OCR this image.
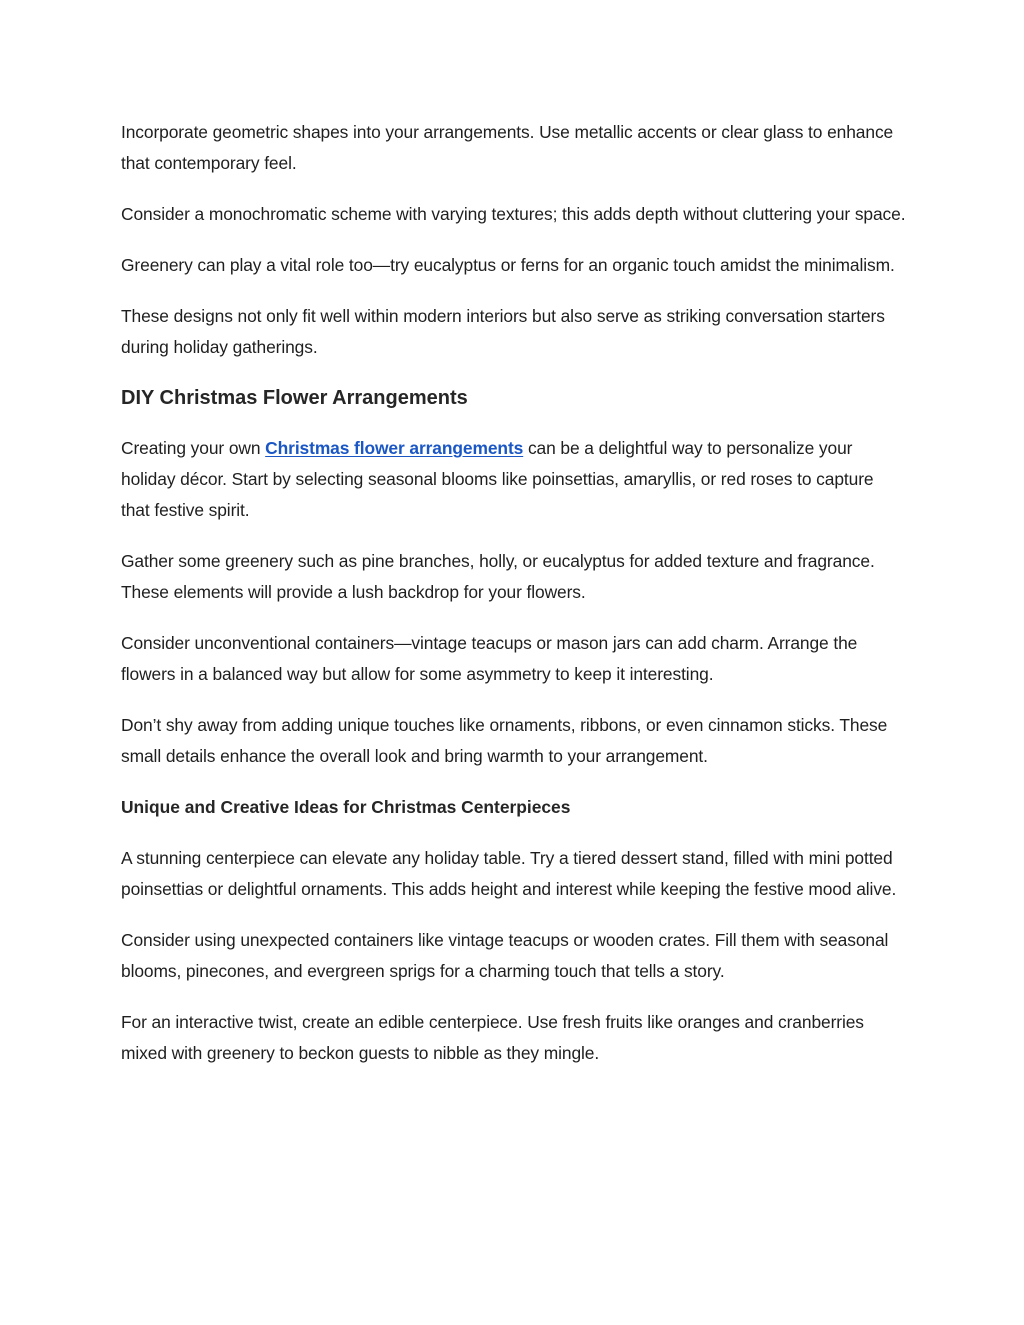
Incorporate geometric shapes into your arrangements. Use metallic accents or clear glass to enhance that contemporary feel.

Consider a monochromatic scheme with varying textures; this adds depth without cluttering your space.

Greenery can play a vital role too—try eucalyptus or ferns for an organic touch amidst the minimalism.

These designs not only fit well within modern interiors but also serve as striking conversation starters during holiday gatherings.

DIY Christmas Flower Arrangements

Creating your own Christmas flower arrangements can be a delightful way to personalize your holiday décor. Start by selecting seasonal blooms like poinsettias, amaryllis, or red roses to capture that festive spirit.

Gather some greenery such as pine branches, holly, or eucalyptus for added texture and fragrance. These elements will provide a lush backdrop for your flowers.

Consider unconventional containers—vintage teacups or mason jars can add charm. Arrange the flowers in a balanced way but allow for some asymmetry to keep it interesting.

Don’t shy away from adding unique touches like ornaments, ribbons, or even cinnamon sticks. These small details enhance the overall look and bring warmth to your arrangement.

Unique and Creative Ideas for Christmas Centerpieces

A stunning centerpiece can elevate any holiday table. Try a tiered dessert stand, filled with mini potted poinsettias or delightful ornaments. This adds height and interest while keeping the festive mood alive.

Consider using unexpected containers like vintage teacups or wooden crates. Fill them with seasonal blooms, pinecones, and evergreen sprigs for a charming touch that tells a story.

For an interactive twist, create an edible centerpiece. Use fresh fruits like oranges and cranberries mixed with greenery to beckon guests to nibble as they mingle.
